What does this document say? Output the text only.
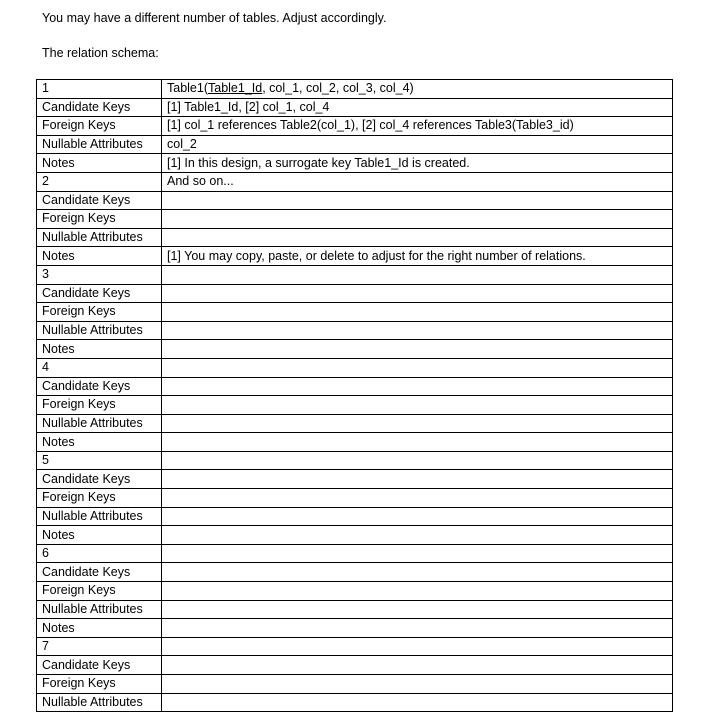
You may have a different number of tables. Adjust accordingly.

The relation schema:

1	Table1(Table1_Id, col_1, col_2, col_3, col_4)
Candidate Keys	[1] Table1_Id, [2] col_1, col_4
Foreign Keys	[1] col_1 references Table2(col_1), [2] col_4 references Table3(Table3_id)
Nullable Attributes	col_2
Notes	[1] In this design, a surrogate key Table1_Id is created.
2	And so on...
Candidate Keys	
Foreign Keys	
Nullable Attributes	
Notes	[1] You may copy, paste, or delete to adjust for the right number of relations.
3	
Candidate Keys	
Foreign Keys	
Nullable Attributes	
Notes	
4	
Candidate Keys	
Foreign Keys	
Nullable Attributes	
Notes	
5	
Candidate Keys	
Foreign Keys	
Nullable Attributes	
Notes	
6	
Candidate Keys	
Foreign Keys	
Nullable Attributes	
Notes	
7	
Candidate Keys	
Foreign Keys	
Nullable Attributes	
